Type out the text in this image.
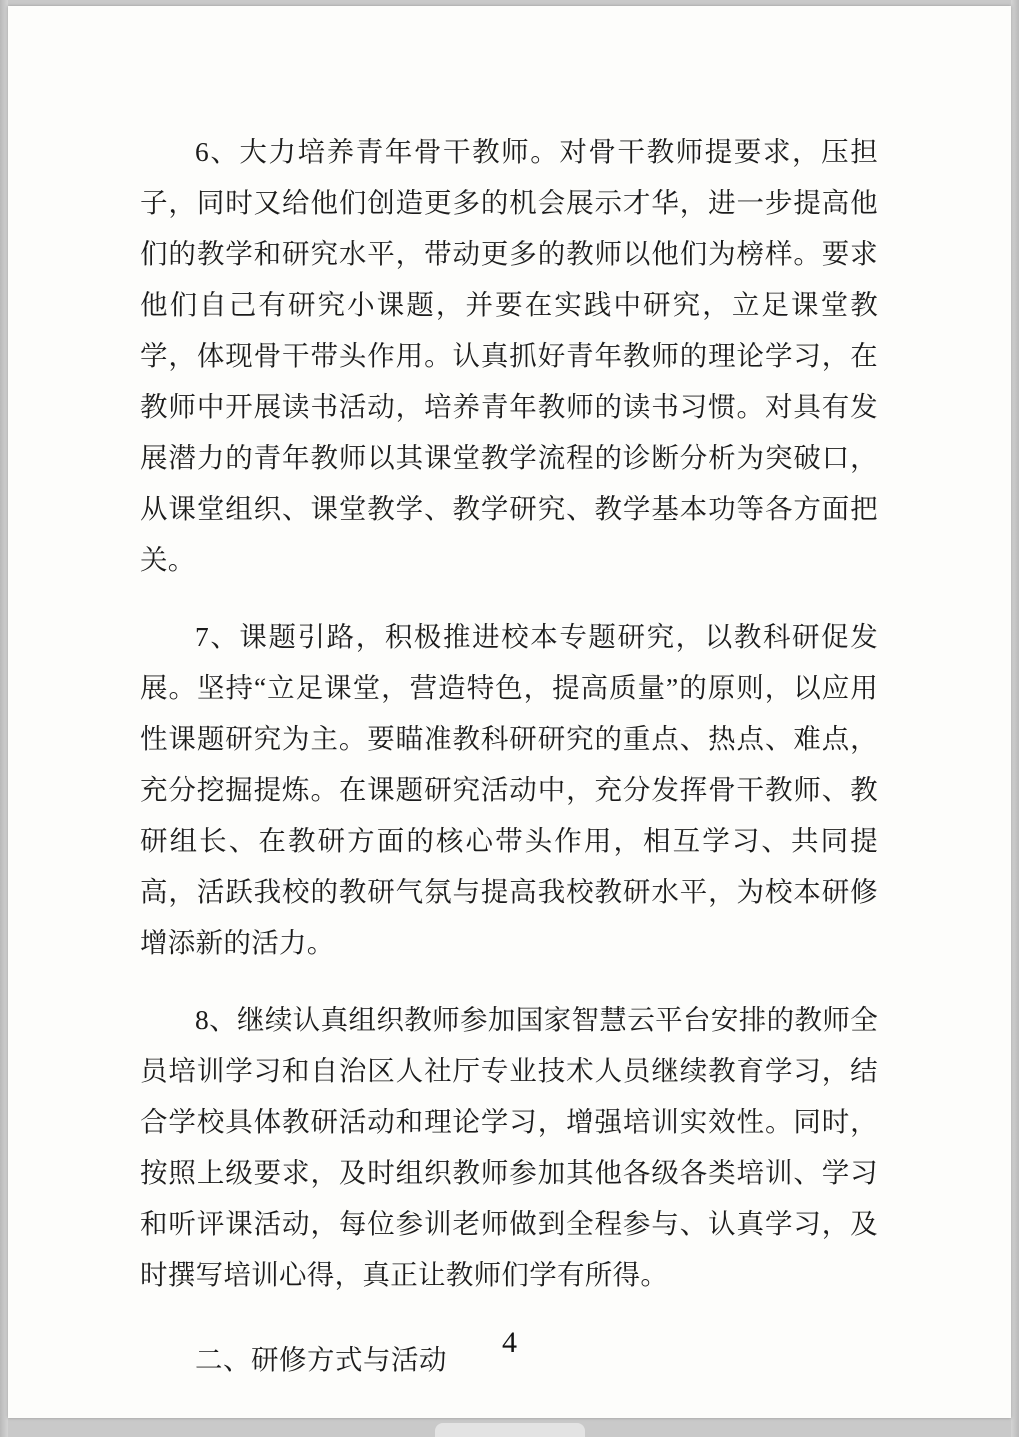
6、大力培养青年骨干教师。对骨干教师提要求，压担子，同时又给他们创造更多的机会展示才华，进一步提高他们的教学和研究水平，带动更多的教师以他们为榜样。要求他们自己有研究小课题，并要在实践中研究，立足课堂教学，体现骨干带头作用。认真抓好青年教师的理论学习，在教师中开展读书活动，培养青年教师的读书习惯。对具有发展潜力的青年教师以其课堂教学流程的诊断分析为突破口，从课堂组织、课堂教学、教学研究、教学基本功等各方面把关。

7、课题引路，积极推进校本专题研究，以教科研促发展。坚持“立足课堂，营造特色，提高质量”的原则，以应用性课题研究为主。要瞄准教科研研究的重点、热点、难点，充分挖掘提炼。在课题研究活动中，充分发挥骨干教师、教研组长、在教研方面的核心带头作用，相互学习、共同提高，活跃我校的教研气氛与提高我校教研水平，为校本研修增添新的活力。

8、继续认真组织教师参加国家智慧云平台安排的教师全员培训学习和自治区人社厅专业技术人员继续教育学习，结合学校具体教研活动和理论学习，增强培训实效性。同时，按照上级要求，及时组织教师参加其他各级各类培训、学习和听评课活动，每位参训老师做到全程参与、认真学习，及时撰写培训心得，真正让教师们学有所得。

二、研修方式与活动

4
